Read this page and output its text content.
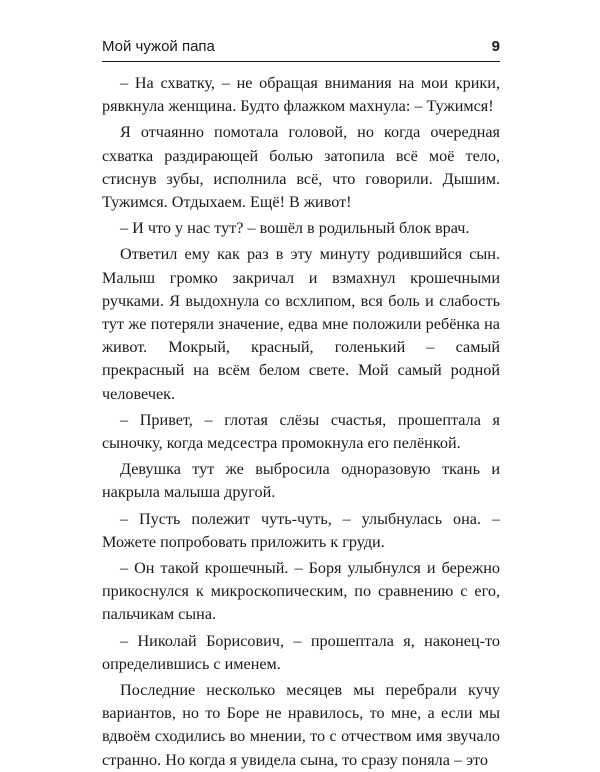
Мой чужой папа	9

– На схватку, – не обращая внимания на мои крики, рявкнула женщина. Будто флажком махнула: – Тужимся!

Я отчаянно помотала головой, но когда очередная схватка раздирающей болью затопила всё моё тело, стиснув зубы, исполнила всё, что говорили. Дышим. Тужимся. Отдыхаем. Ещё! В живот!

– И что у нас тут? – вошёл в родильный блок врач.

Ответил ему как раз в эту минуту родившийся сын. Малыш громко закричал и взмахнул крошечными ручками. Я выдохнула со всхлипом, вся боль и слабость тут же потеряли значение, едва мне положили ребёнка на живот. Мокрый, красный, голенький – самый прекрасный на всём белом свете. Мой самый родной человечек.

– Привет, – глотая слёзы счастья, прошептала я сыночку, когда медсестра промокнула его пелёнкой.

Девушка тут же выбросила одноразовую ткань и накрыла малыша другой.

– Пусть полежит чуть-чуть, – улыбнулась она. – Можете попробовать приложить к груди.

– Он такой крошечный. – Боря улыбнулся и бережно прикоснулся к микроскопическим, по сравнению с его, пальчикам сына.

– Николай Борисович, – прошептала я, наконец-то определившись с именем.

Последние несколько месяцев мы перебрали кучу вариантов, но то Боре не нравилось, то мне, а если мы вдвоём сходились во мнении, то с отчеством имя звучало странно. Но когда я увидела сына, то сразу поняла – это
